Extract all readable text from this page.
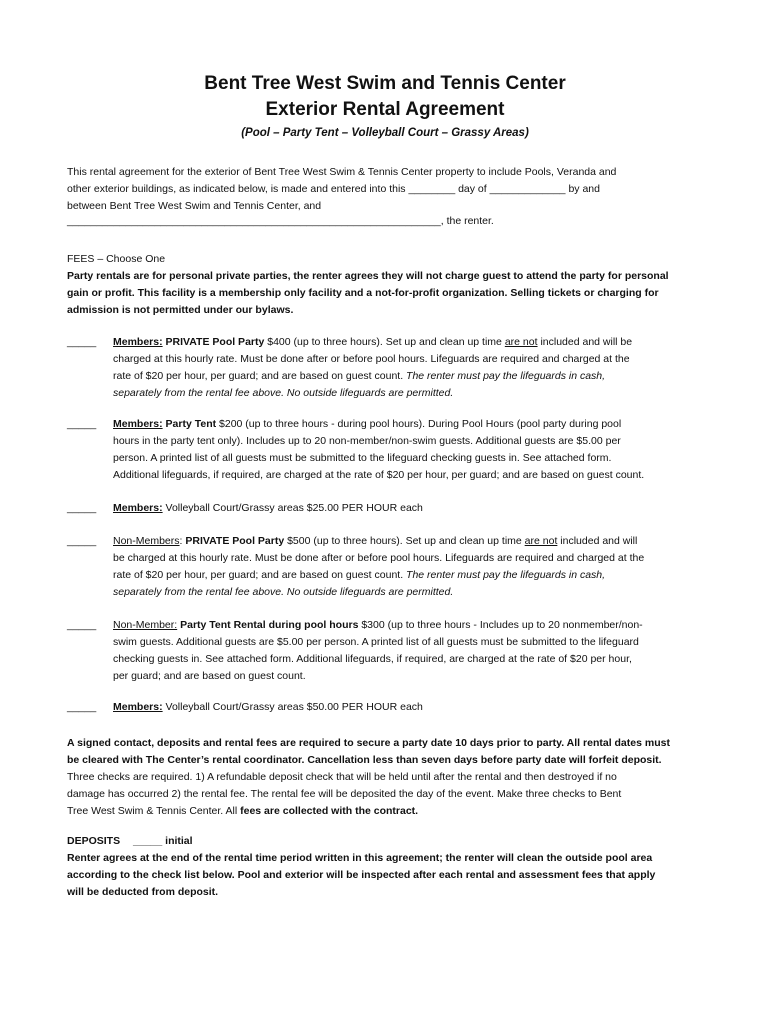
Bent Tree West Swim and Tennis Center
Exterior Rental Agreement
(Pool – Party Tent – Volleyball Court – Grassy Areas)
This rental agreement for the exterior of Bent Tree West Swim & Tennis Center property to include Pools, Veranda and
other exterior buildings, as indicated below, is made and entered into this ________ day of _____________ by and
between Bent Tree West Swim and Tennis Center, and
________________________________________________________________, the renter.
FEES – Choose One
Party rentals are for personal private parties, the renter agrees they will not charge guest to attend the party for personal
gain or profit. This facility is a membership only facility and a not-for-profit organization. Selling tickets or charging for
admission is not permitted under our bylaws.
_____ Members: PRIVATE Pool Party $400 (up to three hours). Set up and clean up time are not included and will be
charged at this hourly rate. Must be done after or before pool hours. Lifeguards are required and charged at the
rate of $20 per hour, per guard; and are based on guest count. The renter must pay the lifeguards in cash,
separately from the rental fee above. No outside lifeguards are permitted.
_____ Members: Party Tent $200 (up to three hours - during pool hours). During Pool Hours (pool party during pool
hours in the party tent only). Includes up to 20 non-member/non-swim guests. Additional guests are $5.00 per
person. A printed list of all guests must be submitted to the lifeguard checking guests in. See attached form.
Additional lifeguards, if required, are charged at the rate of $20 per hour, per guard; and are based on guest count.
_____ Members: Volleyball Court/Grassy areas $25.00 PER HOUR each
_____ Non-Members: PRIVATE Pool Party $500 (up to three hours). Set up and clean up time are not included and will
be charged at this hourly rate. Must be done after or before pool hours. Lifeguards are required and charged at the
rate of $20 per hour, per guard; and are based on guest count. The renter must pay the lifeguards in cash,
separately from the rental fee above. No outside lifeguards are permitted.
_____ Non-Member: Party Tent Rental during pool hours $300 (up to three hours - Includes up to 20 nonmember/non-
swim guests. Additional guests are $5.00 per person. A printed list of all guests must be submitted to the lifeguard
checking guests in. See attached form. Additional lifeguards, if required, are charged at the rate of $20 per hour,
per guard; and are based on guest count.
_____ Members: Volleyball Court/Grassy areas $50.00 PER HOUR each
A signed contact, deposits and rental fees are required to secure a party date 10 days prior to party. All rental dates must
be cleared with The Center’s rental coordinator. Cancellation less than seven days before party date will forfeit deposit.
Three checks are required. 1) A refundable deposit check that will be held until after the rental and then destroyed if no
damage has occurred 2) the rental fee. The rental fee will be deposited the day of the event. Make three checks to Bent
Tree West Swim & Tennis Center. All fees are collected with the contract.
DEPOSITS _____ initial
Renter agrees at the end of the rental time period written in this agreement; the renter will clean the outside pool area
according to the check list below. Pool and exterior will be inspected after each rental and assessment fees that apply
will be deducted from deposit.
